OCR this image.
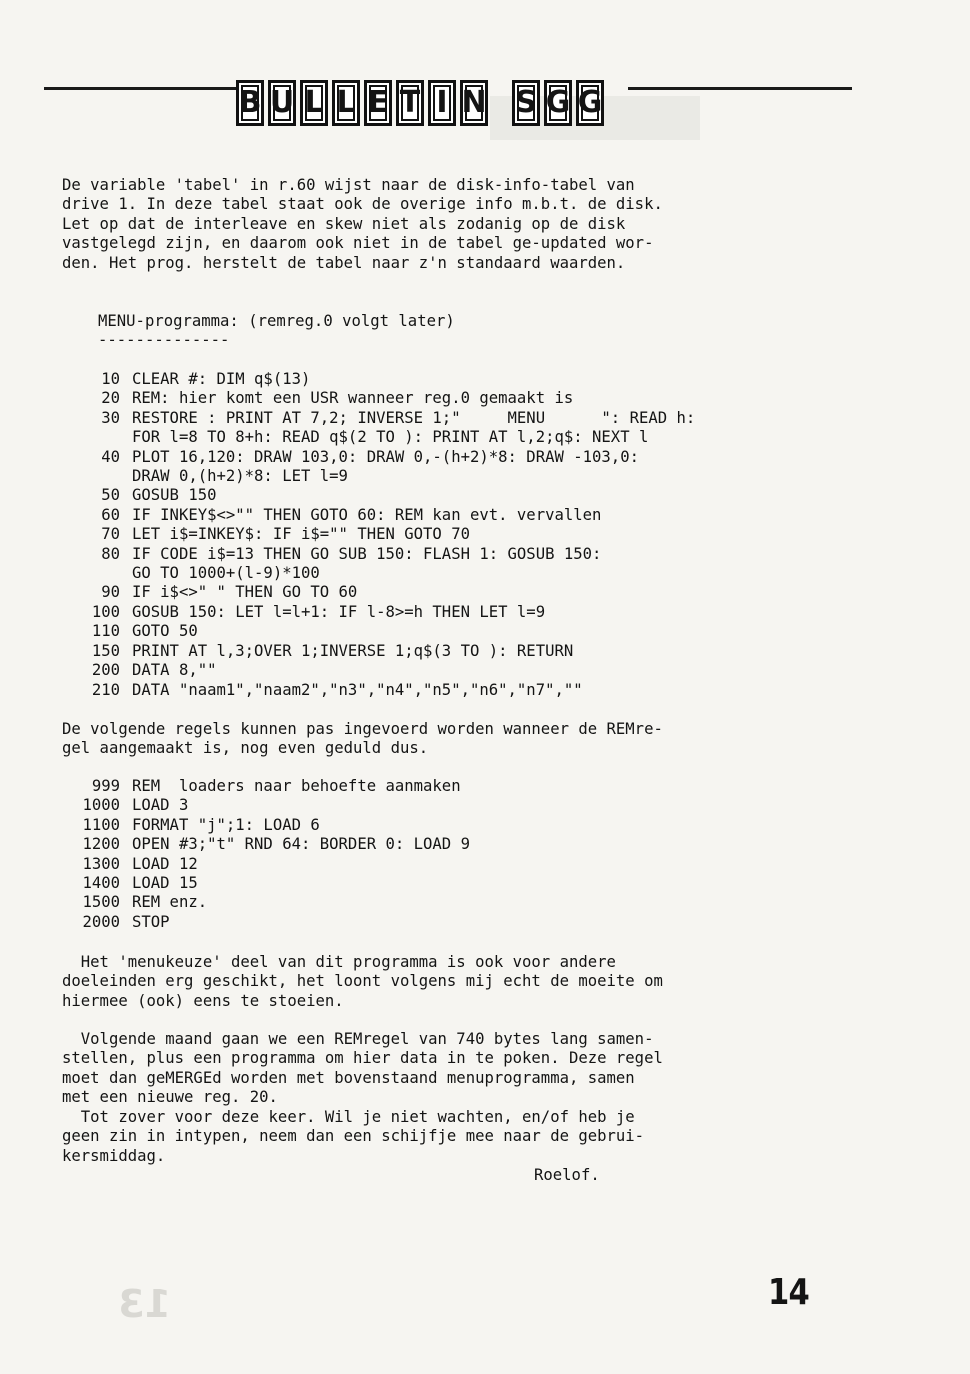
B U L L E T I N S G G
De variable 'tabel' in r.60 wijst naar de disk-info-tabel van
drive 1. In deze tabel staat ook de overige info m.b.t. de disk.
Let op dat de interleave en skew niet als zodanig op de disk
vastgelegd zijn, en daarom ook niet in de tabel ge-updated wor-
den. Het prog. herstelt de tabel naar z'n standaard waarden.
MENU-programma: (remreg.0 volgt later)
--------------
10 CLEAR #: DIM q$(13)
20 REM: hier komt een USR wanneer reg.0 gemaakt is
30 RESTORE : PRINT AT 7,2; INVERSE 1;"     MENU      ": READ h:
FOR l=8 TO 8+h: READ q$(2 TO ): PRINT AT l,2;q$: NEXT l
40 PLOT 16,120: DRAW 103,0: DRAW 0,-(h+2)*8: DRAW -103,0:
DRAW 0,(h+2)*8: LET l=9
50 GOSUB 150
60 IF INKEY$<>"" THEN GOTO 60: REM kan evt. vervallen
70 LET i$=INKEY$: IF i$="" THEN GOTO 70
80 IF CODE i$=13 THEN GO SUB 150: FLASH 1: GOSUB 150:
GO TO 1000+(l-9)*100
90 IF i$<>" " THEN GO TO 60
100 GOSUB 150: LET l=l+1: IF l-8>=h THEN LET l=9
110 GOTO 50
150 PRINT AT l,3;OVER 1;INVERSE 1;q$(3 TO ): RETURN
200 DATA 8,""
210 DATA "naam1","naam2","n3","n4","n5","n6","n7",""
De volgende regels kunnen pas ingevoerd worden wanneer de REMre-
gel aangemaakt is, nog even geduld dus.
999 REM  loaders naar behoefte aanmaken
1000 LOAD 3
1100 FORMAT "j";1: LOAD 6
1200 OPEN #3;"t" RND 64: BORDER 0: LOAD 9
1300 LOAD 12
1400 LOAD 15
1500 REM enz.
2000 STOP
Het 'menukeuze' deel van dit programma is ook voor andere
doeleinden erg geschikt, het loont volgens mij echt de moeite om
hiermee (ook) eens te stoeien.
Volgende maand gaan we een REMregel van 740 bytes lang samen-
stellen, plus een programma om hier data in te poken. Deze regel
moet dan geMERGEd worden met bovenstaand menuprogramma, samen
met een nieuwe reg. 20.
Tot zover voor deze keer. Wil je niet wachten, en/of heb je
geen zin in intypen, neem dan een schijfje mee naar de gebrui-
kersmiddag.
Roelof.
13	14
